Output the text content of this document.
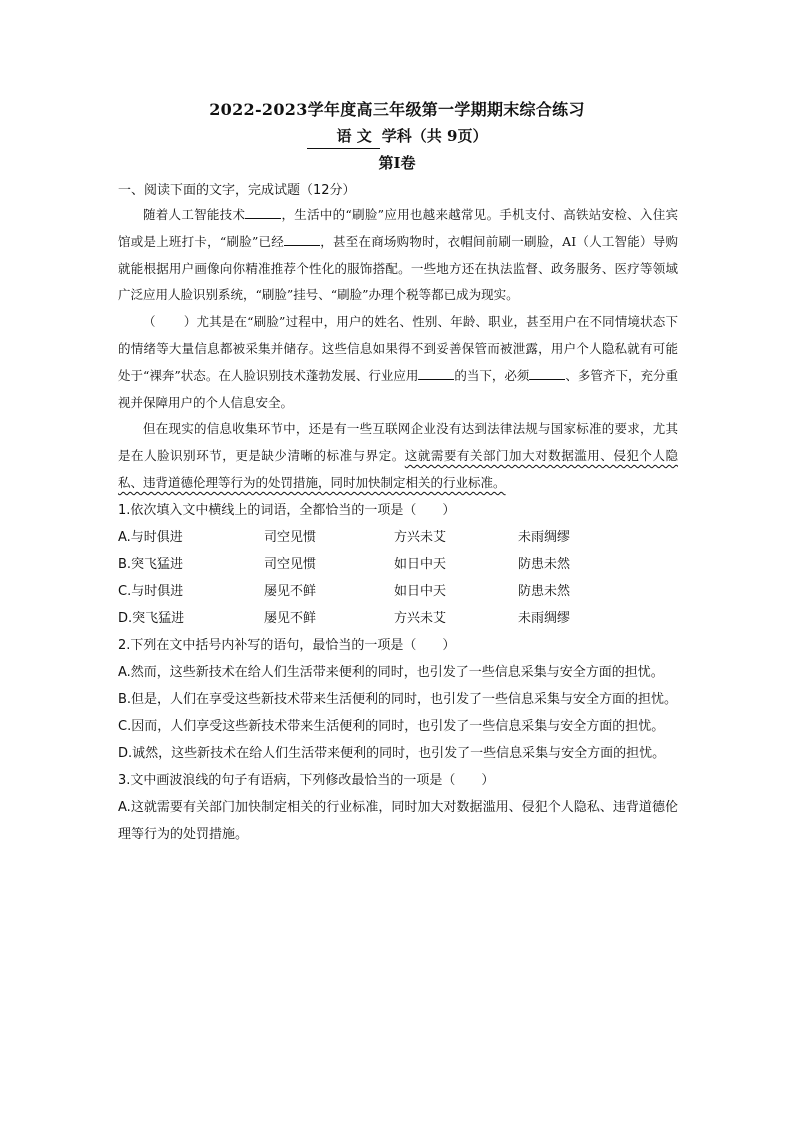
2022-2023学年度高三年级第一学期期末综合练习
语 文 学科（共 9页）
第Ⅰ卷
一、阅读下面的文字，完成试题（12分）

随着人工智能技术	，生活中的“刷脸”应用也越来越常见。手机支付、高铁站安检、入住宾馆或是上班打卡，“刷脸”已经	，甚至在商场购物时，衣帽间前刷一刷脸，AI（人工智能）导购就能根据用户画像向你精准推荐个性化的服饰搭配。一些地方还在执法监督、政务服务、医疗等领域广泛应用人脸识别系统，“刷脸”挂号、“刷脸”办理个税等都已成为现实。

（ ）尤其是在“刷脸”过程中，用户的姓名、性别、年龄、职业，甚至用户在不同情境状态下的情绪等大量信息都被采集并储存。这些信息如果得不到妥善保管而被泄露，用户个人隐私就有可能处于“裸奔”状态。在人脸识别技术蓬勃发展、行业应用	的当下，必须	、多管齐下，充分重视并保障用户的个人信息安全。

但在现实的信息收集环节中，还是有一些互联网企业没有达到法律法规与国家标准的要求，尤其是在人脸识别环节，更是缺少清晰的标准与界定。这就需要有关部门加大对数据滥用、侵犯个人隐私、违背道德伦理等行为的处罚措施，同时加快制定相关的行业标准。

1.依次填入文中横线上的词语，全都恰当的一项是（　　）

A.与时俱进	司空见惯	方兴未艾	未雨绸缪
B.突飞猛进	司空见惯	如日中天	防患未然
C.与时俱进	屡见不鲜	如日中天	防患未然
D.突飞猛进	屡见不鲜	方兴未艾	未雨绸缪

2.下列在文中括号内补写的语句，最恰当的一项是（　　）

A.然而，这些新技术在给人们生活带来便利的同时，也引发了一些信息采集与安全方面的担忧。

B.但是，人们在享受这些新技术带来生活便利的同时，也引发了一些信息采集与安全方面的担忧。

C.因而，人们享受这些新技术带来生活便利的同时，也引发了一些信息采集与安全方面的担忧。

D.诚然，这些新技术在给人们生活带来便利的同时，也引发了一些信息采集与安全方面的担忧。

3.文中画波浪线的句子有语病，下列修改最恰当的一项是（　　）

A.这就需要有关部门加快制定相关的行业标准，同时加大对数据滥用、侵犯个人隐私、违背道德伦理等行为的处罚措施。
